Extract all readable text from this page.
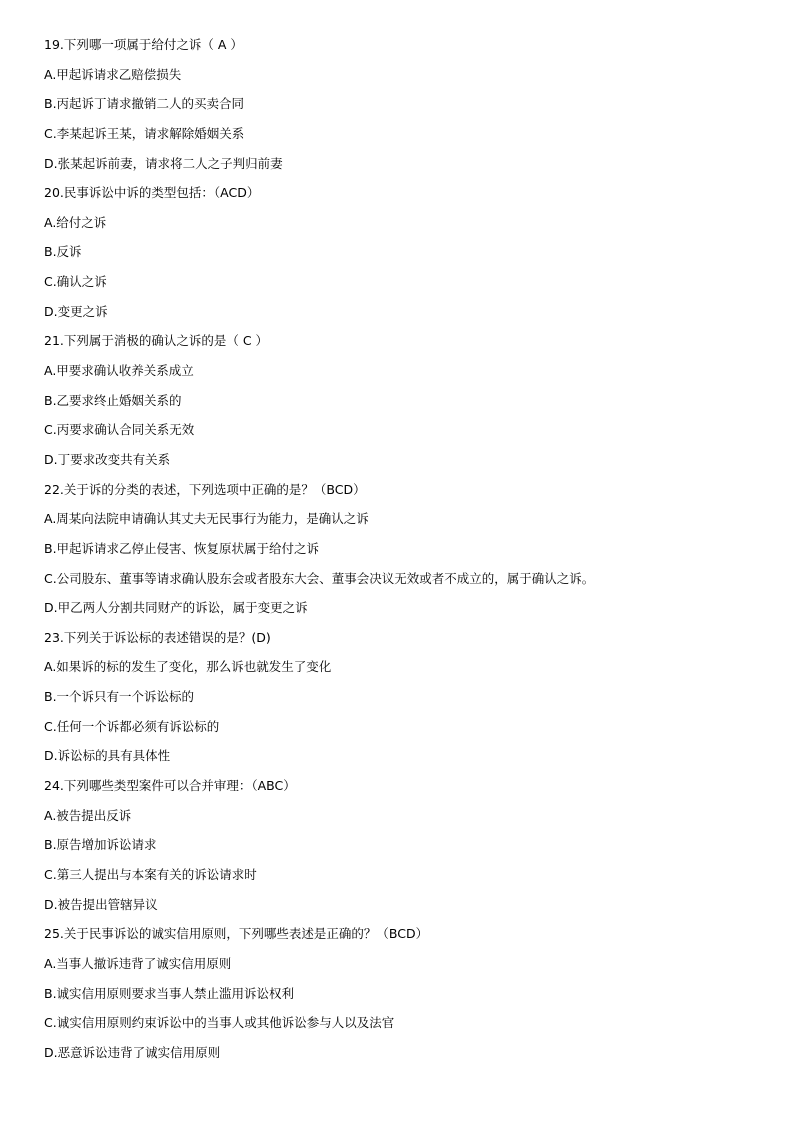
19.下列哪一项属于给付之诉（ A ）
A.甲起诉请求乙赔偿损失
B.丙起诉丁请求撤销二人的买卖合同
C.李某起诉王某，请求解除婚姻关系
D.张某起诉前妻，请求将二人之子判归前妻
20.民事诉讼中诉的类型包括：（ACD）
A.给付之诉
B.反诉
C.确认之诉
D.变更之诉
21.下列属于消极的确认之诉的是（ C ）
A.甲要求确认收养关系成立
B.乙要求终止婚姻关系的
C.丙要求确认合同关系无效
D.丁要求改变共有关系
22.关于诉的分类的表述，下列选项中正确的是？（BCD）
A.周某向法院申请确认其丈夫无民事行为能力，是确认之诉
B.甲起诉请求乙停止侵害、恢复原状属于给付之诉
C.公司股东、董事等请求确认股东会或者股东大会、董事会决议无效或者不成立的，属于确认之诉。
D.甲乙两人分割共同财产的诉讼，属于变更之诉
23.下列关于诉讼标的表述错误的是？(D)
A.如果诉的标的发生了变化，那么诉也就发生了变化
B.一个诉只有一个诉讼标的
C.任何一个诉都必须有诉讼标的
D.诉讼标的具有具体性
24.下列哪些类型案件可以合并审理：（ABC）
A.被告提出反诉
B.原告增加诉讼请求
C.第三人提出与本案有关的诉讼请求时
D.被告提出管辖异议
25.关于民事诉讼的诚实信用原则，下列哪些表述是正确的？（BCD）
A.当事人撤诉违背了诚实信用原则
B.诚实信用原则要求当事人禁止滥用诉讼权利
C.诚实信用原则约束诉讼中的当事人或其他诉讼参与人以及法官
D.恶意诉讼违背了诚实信用原则
